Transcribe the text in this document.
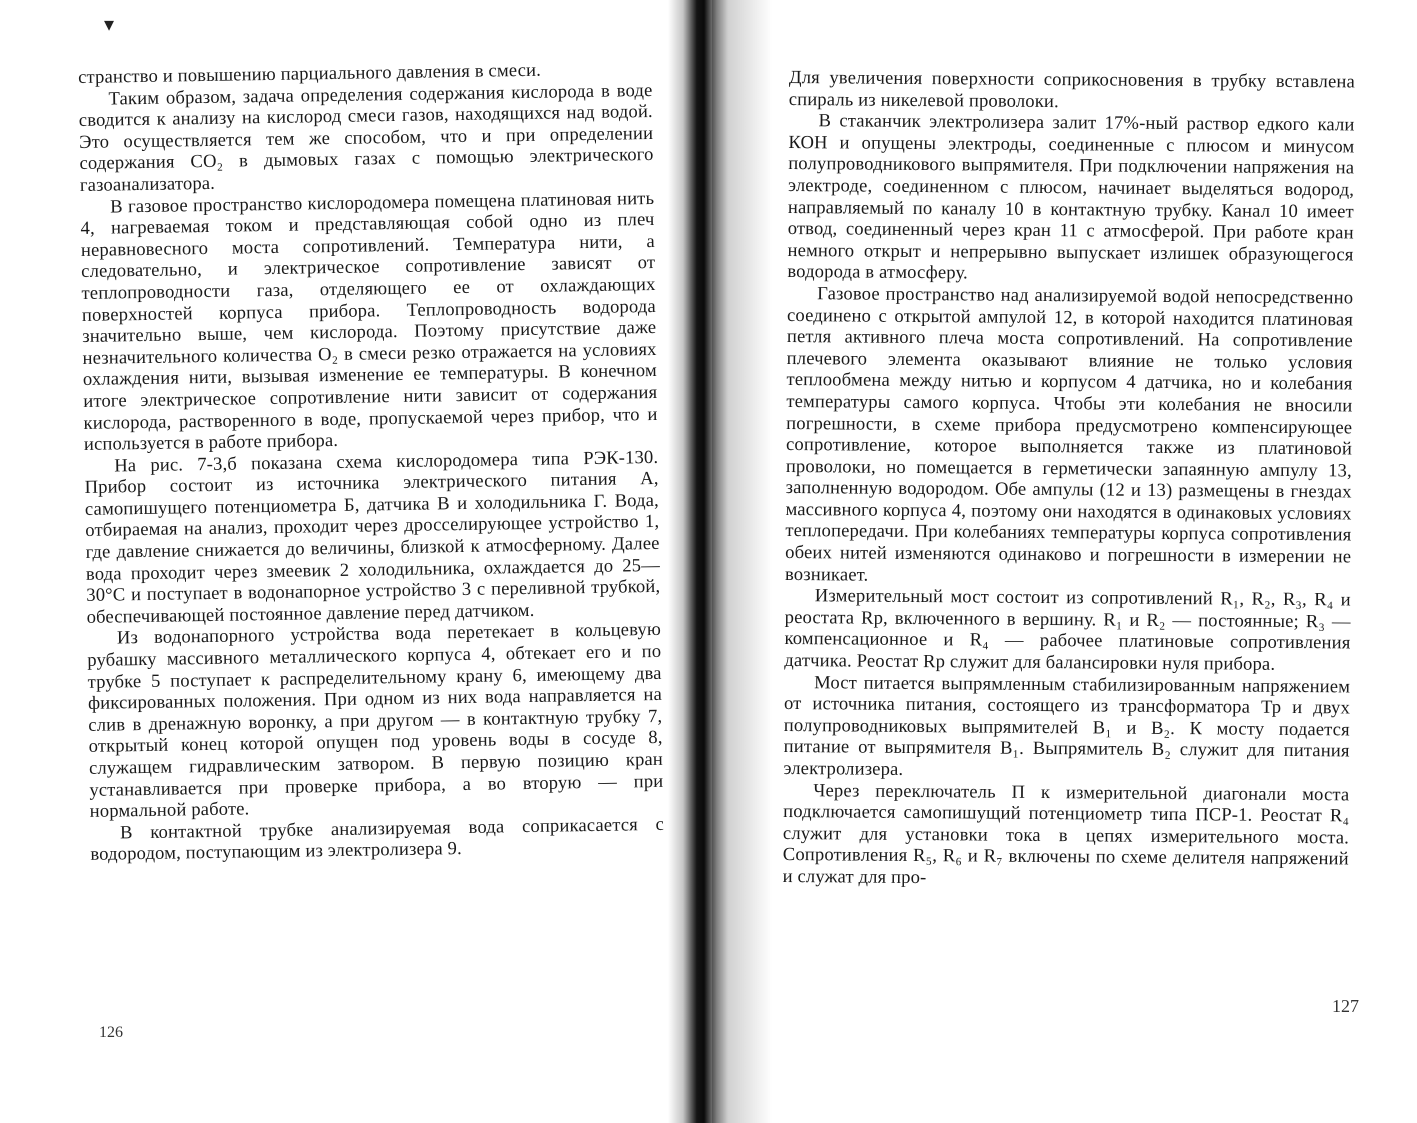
▾

странство и повышению парциального давления в смеси.

Таким образом, задача определения содержания кислорода в воде сводится к анализу на кислород смеси газов, находящихся над водой. Это осуществляется тем же способом, что и при определении содержания CO₂ в дымовых газах с помощью электрического газоанализатора.

В газовое пространство кислородомера помещена платиновая нить 4, нагреваемая током и представляющая собой одно из плеч неравновесного моста сопротивлений. Температура нити, а следовательно, и электрическое сопротивление зависят от теплопроводности газа, отделяющего ее от охлаждающих поверхностей корпуса прибора. Теплопроводность водорода значительно выше, чем кислорода. Поэтому присутствие даже незначительного количества O₂ в смеси резко отражается на условиях охлаждения нити, вызывая изменение ее температуры. В конечном итоге электрическое сопротивление нити зависит от содержания кислорода, растворенного в воде, пропускаемой через прибор, что и используется в работе прибора.

На рис. 7-3,б показана схема кислородомера типа РЭК-130. Прибор состоит из источника электрического питания А, самопишущего потенциометра Б, датчика В и холодильника Г. Вода, отбираемая на анализ, проходит через дросселирующее устройство 1, где давление снижается до величины, близкой к атмосферному. Далее вода проходит через змеевик 2 холодильника, охлаждается до 25—30°С и поступает в водонапорное устройство 3 с переливной трубкой, обеспечивающей постоянное давление перед датчиком.

Из водонапорного устройства вода перетекает в кольцевую рубашку массивного металлического корпуса 4, обтекает его и по трубке 5 поступает к распределительному крану 6, имеющему два фиксированных положения. При одном из них вода направляется на слив в дренажную воронку, а при другом — в контактную трубку 7, открытый конец которой опущен под уровень воды в сосуде 8, служащем гидравлическим затвором. В первую позицию кран устанавливается при проверке прибора, а во вторую — при нормальной работе.

В контактной трубке анализируемая вода соприкасается с водородом, поступающим из электролизера 9.

126

Для увеличения поверхности соприкосновения в трубку вставлена спираль из никелевой проволоки.

В стаканчик электролизера залит 17%-ный раствор едкого кали КОН и опущены электроды, соединенные с плюсом и минусом полупроводникового выпрямителя. При подключении напряжения на электроде, соединенном с плюсом, начинает выделяться водород, направляемый по каналу 10 в контактную трубку. Канал 10 имеет отвод, соединенный через кран 11 с атмосферой. При работе кран немного открыт и непрерывно выпускает излишек образующегося водорода в атмосферу.

Газовое пространство над анализируемой водой непосредственно соединено с открытой ампулой 12, в которой находится платиновая петля активного плеча моста сопротивлений. На сопротивление плечевого элемента оказывают влияние не только условия теплообмена между нитью и корпусом 4 датчика, но и колебания температуры самого корпуса. Чтобы эти колебания не вносили погрешности, в схеме прибора предусмотрено компенсирующее сопротивление, которое выполняется также из платиновой проволоки, но помещается в герметически запаянную ампулу 13, заполненную водородом. Обе ампулы (12 и 13) размещены в гнездах массивного корпуса 4, поэтому они находятся в одинаковых условиях теплопередачи. При колебаниях температуры корпуса сопротивления обеих нитей изменяются одинаково и погрешности в измерении не возникает.

Измерительный мост состоит из сопротивлений R₁, R₂, R₃, R₄ и реостата Rр, включенного в вершину. R₁ и R₂ — постоянные; R₃ — компенсационное и R₄ — рабочее платиновые сопротивления датчика. Реостат Rр служит для балансировки нуля прибора.

Мост питается выпрямленным стабилизированным напряжением от источника питания, состоящего из трансформатора Тр и двух полупроводниковых выпрямителей В₁ и В₂. К мосту подается питание от выпрямителя В₁. Выпрямитель В₂ служит для питания электролизера.

Через переключатель П к измерительной диагонали моста подключается самопишущий потенциометр типа ПСР-1. Реостат R₄ служит для установки тока в цепях измерительного моста. Сопротивления R₅, R₆ и R₇ включены по схеме делителя напряжений и служат для про-

127
